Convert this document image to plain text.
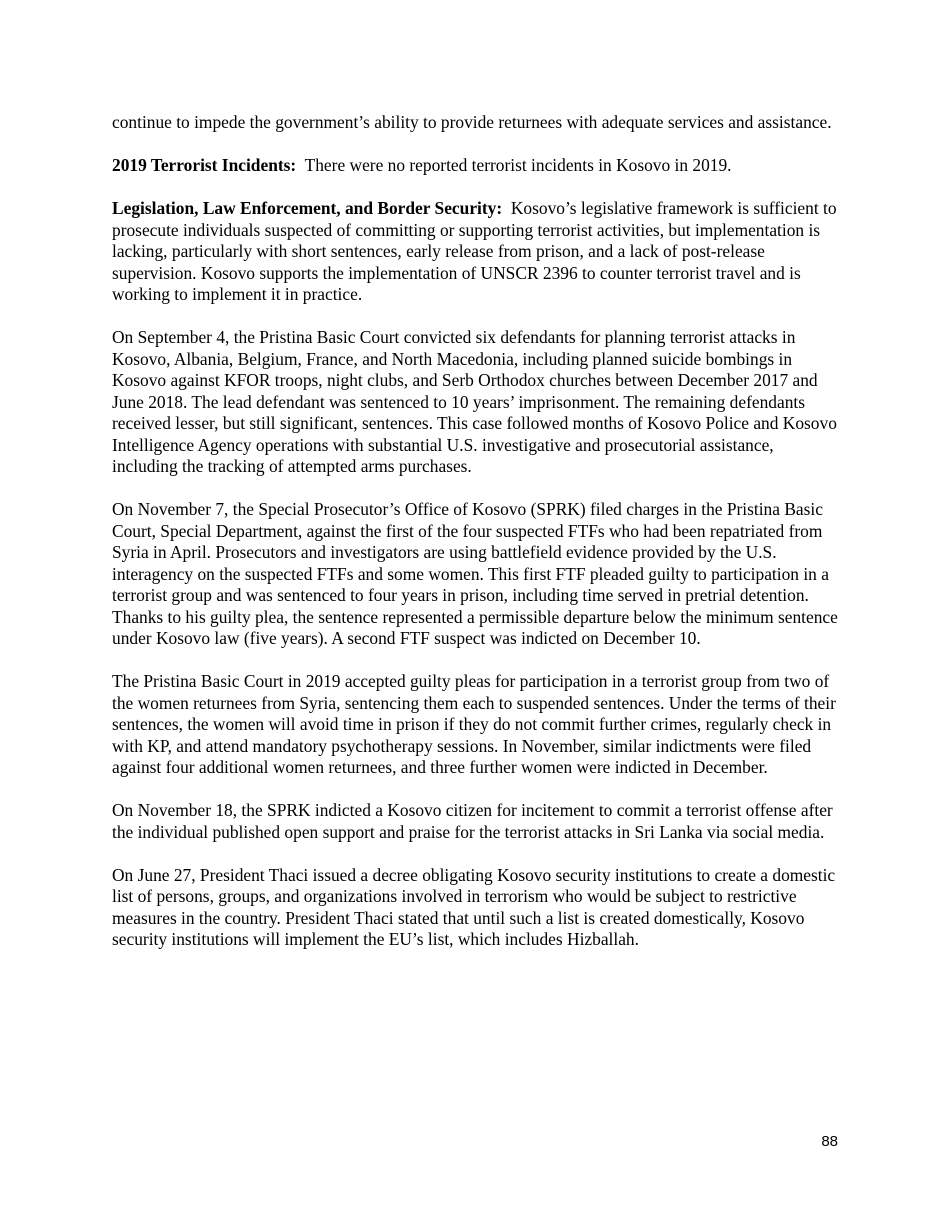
continue to impede the government’s ability to provide returnees with adequate services and assistance.

2019 Terrorist Incidents: There were no reported terrorist incidents in Kosovo in 2019.

Legislation, Law Enforcement, and Border Security: Kosovo’s legislative framework is sufficient to prosecute individuals suspected of committing or supporting terrorist activities, but implementation is lacking, particularly with short sentences, early release from prison, and a lack of post-release supervision. Kosovo supports the implementation of UNSCR 2396 to counter terrorist travel and is working to implement it in practice.

On September 4, the Pristina Basic Court convicted six defendants for planning terrorist attacks in Kosovo, Albania, Belgium, France, and North Macedonia, including planned suicide bombings in Kosovo against KFOR troops, night clubs, and Serb Orthodox churches between December 2017 and June 2018. The lead defendant was sentenced to 10 years’ imprisonment. The remaining defendants received lesser, but still significant, sentences. This case followed months of Kosovo Police and Kosovo Intelligence Agency operations with substantial U.S. investigative and prosecutorial assistance, including the tracking of attempted arms purchases.

On November 7, the Special Prosecutor’s Office of Kosovo (SPRK) filed charges in the Pristina Basic Court, Special Department, against the first of the four suspected FTFs who had been repatriated from Syria in April. Prosecutors and investigators are using battlefield evidence provided by the U.S. interagency on the suspected FTFs and some women. This first FTF pleaded guilty to participation in a terrorist group and was sentenced to four years in prison, including time served in pretrial detention. Thanks to his guilty plea, the sentence represented a permissible departure below the minimum sentence under Kosovo law (five years). A second FTF suspect was indicted on December 10.

The Pristina Basic Court in 2019 accepted guilty pleas for participation in a terrorist group from two of the women returnees from Syria, sentencing them each to suspended sentences. Under the terms of their sentences, the women will avoid time in prison if they do not commit further crimes, regularly check in with KP, and attend mandatory psychotherapy sessions. In November, similar indictments were filed against four additional women returnees, and three further women were indicted in December.

On November 18, the SPRK indicted a Kosovo citizen for incitement to commit a terrorist offense after the individual published open support and praise for the terrorist attacks in Sri Lanka via social media.

On June 27, President Thaci issued a decree obligating Kosovo security institutions to create a domestic list of persons, groups, and organizations involved in terrorism who would be subject to restrictive measures in the country. President Thaci stated that until such a list is created domestically, Kosovo security institutions will implement the EU’s list, which includes Hizballah.

88
